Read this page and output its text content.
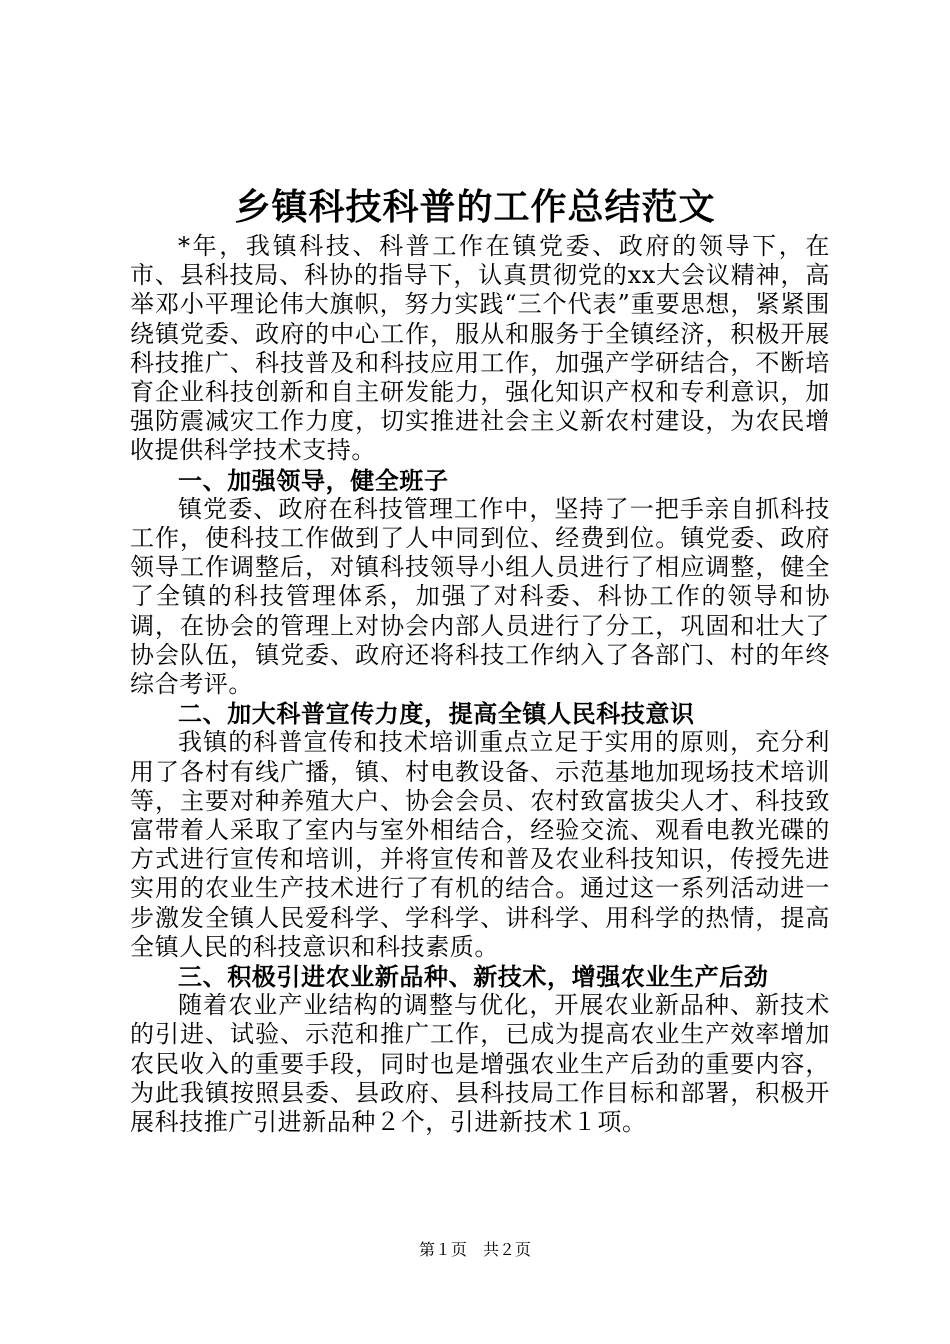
乡镇科技科普的工作总结范文

*年，我镇科技、科普工作在镇党委、政府的领导下，在市、县科技局、科协的指导下，认真贯彻党的xx大会议精神，高举邓小平理论伟大旗帜，努力实践“三个代表”重要思想，紧紧围绕镇党委、政府的中心工作，服从和服务于全镇经济，积极开展科技推广、科技普及和科技应用工作，加强产学研结合，不断培育企业科技创新和自主研发能力，强化知识产权和专利意识，加强防震减灾工作力度，切实推进社会主义新农村建设，为农民增收提供科学技术支持。

一、加强领导，健全班子

镇党委、政府在科技管理工作中，坚持了一把手亲自抓科技工作，使科技工作做到了人中同到位、经费到位。镇党委、政府领导工作调整后，对镇科技领导小组人员进行了相应调整，健全了全镇的科技管理体系，加强了对科委、科协工作的领导和协调，在协会的管理上对协会内部人员进行了分工，巩固和壮大了协会队伍，镇党委、政府还将科技工作纳入了各部门、村的年终综合考评。

二、加大科普宣传力度，提高全镇人民科技意识

我镇的科普宣传和技术培训重点立足于实用的原则，充分利用了各村有线广播，镇、村电教设备、示范基地加现场技术培训等，主要对种养殖大户、协会会员、农村致富拔尖人才、科技致富带着人采取了室内与室外相结合，经验交流、观看电教光碟的方式进行宣传和培训，并将宣传和普及农业科技知识，传授先进实用的农业生产技术进行了有机的结合。通过这一系列活动进一步激发全镇人民爱科学、学科学、讲科学、用科学的热情，提高全镇人民的科技意识和科技素质。

三、积极引进农业新品种、新技术，增强农业生产后劲

随着农业产业结构的调整与优化，开展农业新品种、新技术的引进、试验、示范和推广工作，已成为提高农业生产效率增加农民收入的重要手段，同时也是增强农业生产后劲的重要内容，为此我镇按照县委、县政府、县科技局工作目标和部署，积极开展科技推广引进新品种２个，引进新技术１项。

第１页　共２页
